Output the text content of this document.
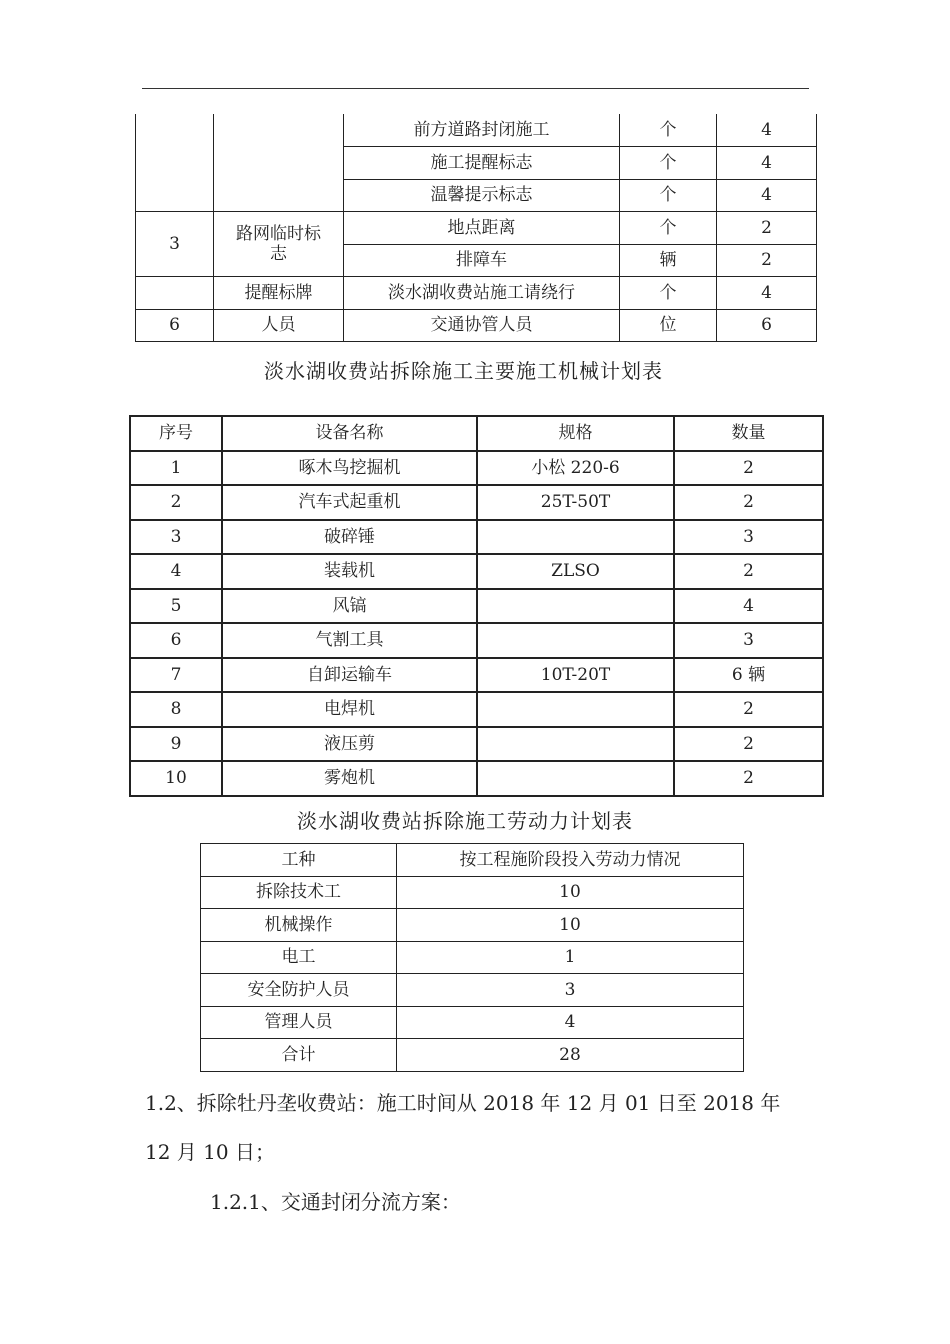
		前方道路封闭施工	个	4
		施工提醒标志	个	4
		温馨提示标志	个	4
3	路网临时标志	地点距离	个	2
		排障车	辆	2
	提醒标牌	淡水湖收费站施工请绕行	个	4
6	人员	交通协管人员	位	6
淡水湖收费站拆除施工主要施工机械计划表
序号	设备名称	规格	数量
1	啄木鸟挖掘机	小松 220-6	2
2	汽车式起重机	25T-50T	2
3	破碎锤		3
4	装载机	ZLSO	2
5	风镐		4
6	气割工具		3
7	自卸运输车	10T-20T	6 辆
8	电焊机		2
9	液压剪		2
10	雾炮机		2
淡水湖收费站拆除施工劳动力计划表
工种	按工程施阶段投入劳动力情况
拆除技术工	10
机械操作	10
电工	1
安全防护人员	3
管理人员	4
合计	28
1.2、拆除牡丹垄收费站：施工时间从 2018 年 12 月 01 日至 2018 年
12 月 10 日；
1.2.1、交通封闭分流方案：
